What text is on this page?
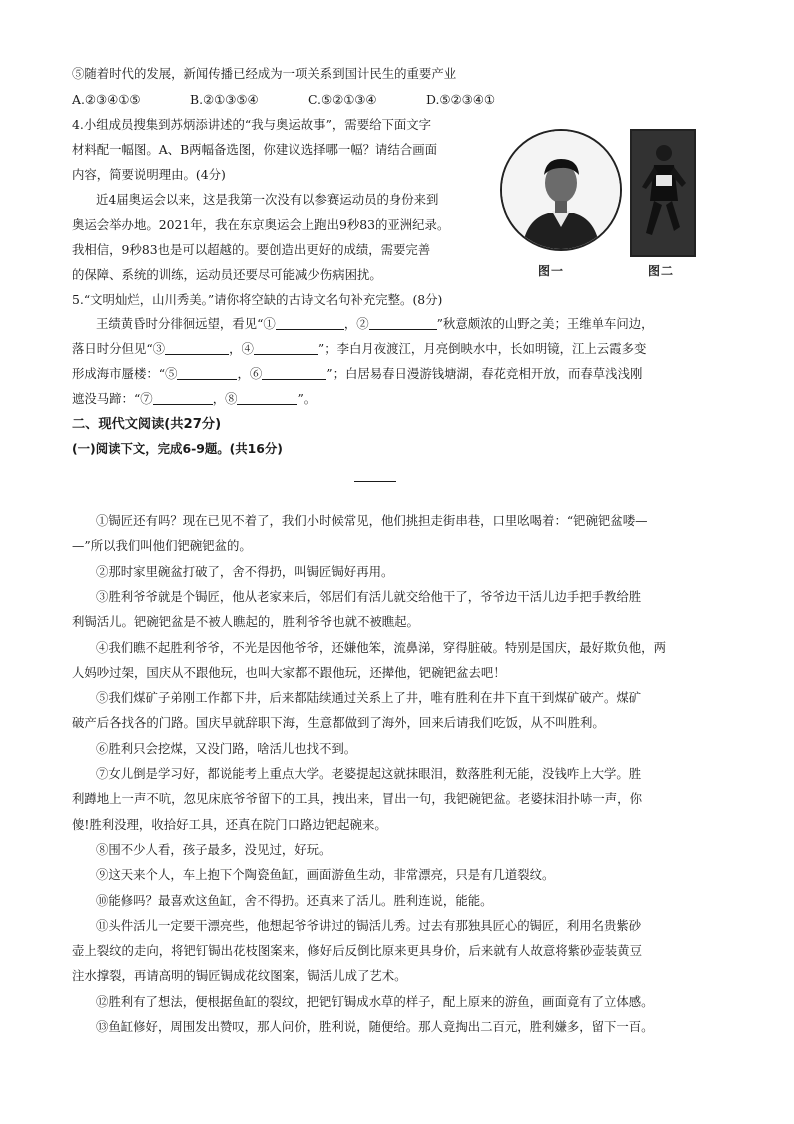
⑤随着时代的发展，新闻传播已经成为一项关系到国计民生的重要产业
A.②③④①⑤	B.②①③⑤④	C.⑤②①③④	D.⑤②③④①
4.小组成员搜集到苏炳添讲述的“我与奥运故事”，需要给下面文字
材料配一幅图。A、B两幅备选图，你建议选择哪一幅？请结合画面
内容，简要说明理由。(4分)
近4届奥运会以来，这是我第一次没有以参赛运动员的身份来到
奥运会举办地。2021年，我在东京奥运会上跑出9秒83的亚洲纪录。
我相信，9秒83也是可以超越的。要创造出更好的成绩，需要完善
的保障、系统的训练，运动员还要尽可能减少伤病困扰。	图一	图二
5.“文明灿烂，山川秀美。”请你将空缺的古诗文名句补充完整。(8分)
王绩黄昏时分徘徊远望，看见“①	，②	”秋意颇浓的山野之美；王维单车问边，
落日时分但见“③	，④	”；李白月夜渡江，月亮倒映水中，长如明镜，江上云霞多变
形成海市蜃楼：“⑤	，⑥	”；白居易春日漫游钱塘湖，春花竞相开放，而春草浅浅刚
遮没马蹄：“⑦	，⑧	”。
二、现代文阅读(共27分)
(一)阅读下文，完成6-9题。(共16分)
①锔匠还有吗？现在已见不着了，我们小时候常见，他们挑担走街串巷，口里吆喝着：“钯碗钯盆喽—
—”所以我们叫他们钯碗钯盆的。
②那时家里碗盆打破了，舍不得扔，叫锔匠锔好再用。
③胜利爷爷就是个锔匠，他从老家来后，邻居们有活儿就交给他干了，爷爷边干活儿边手把手教给胜
利锔活儿。钯碗钯盆是不被人瞧起的，胜利爷爷也就不被瞧起。
④我们瞧不起胜利爷爷，不光是因他爷爷，还嫌他笨，流鼻涕，穿得脏破。特别是国庆，最好欺负他，两
人妈吵过架，国庆从不跟他玩，也叫大家都不跟他玩，还撵他，钯碗钯盆去吧！
⑤我们煤矿子弟刚工作都下井，后来都陆续通过关系上了井，唯有胜利在井下直干到煤矿破产。煤矿
破产后各找各的门路。国庆早就辞职下海，生意都做到了海外，回来后请我们吃饭，从不叫胜利。
⑥胜利只会挖煤，又没门路，啥活儿也找不到。
⑦女儿倒是学习好，都说能考上重点大学。老婆提起这就抹眼泪，数落胜利无能，没钱咋上大学。胜
利蹲地上一声不吭，忽见床底爷爷留下的工具，拽出来，冒出一句，我钯碗钯盆。老婆抹泪扑哧一声，你
傻!胜利没理，收拾好工具，还真在院门口路边钯起碗来。
⑧围不少人看，孩子最多，没见过，好玩。
⑨这天来个人，车上抱下个陶瓷鱼缸，画面游鱼生动，非常漂亮，只是有几道裂纹。
⑩能修吗？最喜欢这鱼缸，舍不得扔。还真来了活儿。胜利连说，能能。
⑪头件活儿一定要干漂亮些，他想起爷爷讲过的锔活儿秀。过去有那独具匠心的锔匠，利用名贵紫砂
壶上裂纹的走向，将钯钉锔出花枝图案来，修好后反倒比原来更具身价，后来就有人故意将紫砂壶装黄豆
注水撑裂，再请高明的锔匠锔成花纹图案，锔活儿成了艺术。
⑫胜利有了想法，便根据鱼缸的裂纹，把钯钉锔成水草的样子，配上原来的游鱼，画面竟有了立体感。
⑬鱼缸修好，周围发出赞叹，那人问价，胜利说，随便给。那人竟掏出二百元，胜利嫌多，留下一百。
